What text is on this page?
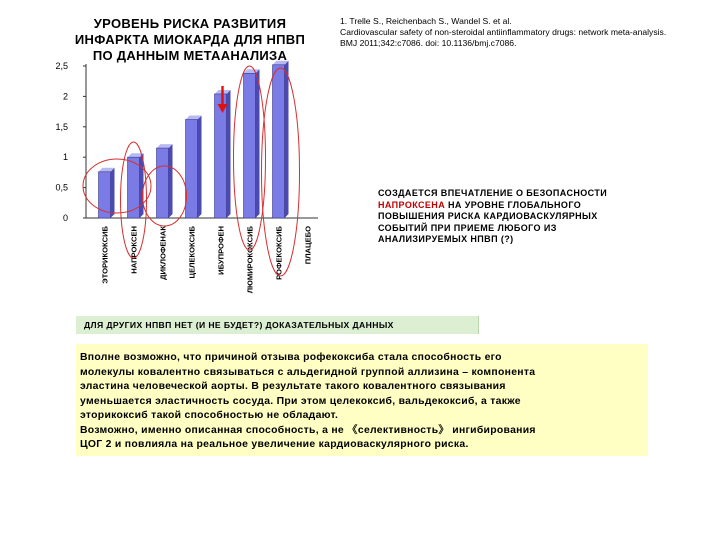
0
0,5
1
1,5
2
2,5
ЭТОРИКОКСИБ	НАПРОКСЕН	ДИКЛОФЕНАК	ЦЕЛЕКОКСИБ	ИБУПРОФЕН	ЛЮМИРОКОКСИБ	РОФЕКОКСИБ	ПЛАЦЕБО
УРОВЕНЬ РИСКА РАЗВИТИЯ
ИНФАРКТА МИОКАРДА ДЛЯ НПВП
ПО ДАННЫМ МЕТААНАЛИЗА
1. Trelle S., Reichenbach S., Wandel S. et al.
Cardiovascular safety of non-steroidal antiinflammatory drugs: network meta-analysis.
BMJ 2011;342:c7086. doi: 10.1136/bmj.c7086.
СОЗДАЕТСЯ ВПЕЧАТЛЕНИЕ О БЕЗОПАСНОСТИ
НАПРОКСЕНА НА УРОВНЕ ГЛОБАЛЬНОГО
ПОВЫШЕНИЯ РИСКА КАРДИОВАСКУЛЯРНЫХ
СОБЫТИЙ ПРИ ПРИЕМЕ ЛЮБОГО ИЗ
АНАЛИЗИРУЕМЫХ НПВП (?)
ДЛЯ ДРУГИХ НПВП НЕТ (И НЕ БУДЕТ?) ДОКАЗАТЕЛЬНЫХ ДАННЫХ
Вполне возможно, что причиной отзыва рофекоксиба стала способность его
молекулы ковалентно связываться с альдегидной группой аллизина – компонента
эластина человеческой аорты. В результате такого ковалентного связывания
уменьшается эластичность сосуда. При этом целекоксиб, вальдекоксиб, а также
эторикоксиб такой способностью не обладают.
Возможно, именно описанная способность, а не 《селективность》 ингибирования
ЦОГ 2 и повлияла на реальное увеличение кардиоваскулярного риска.
